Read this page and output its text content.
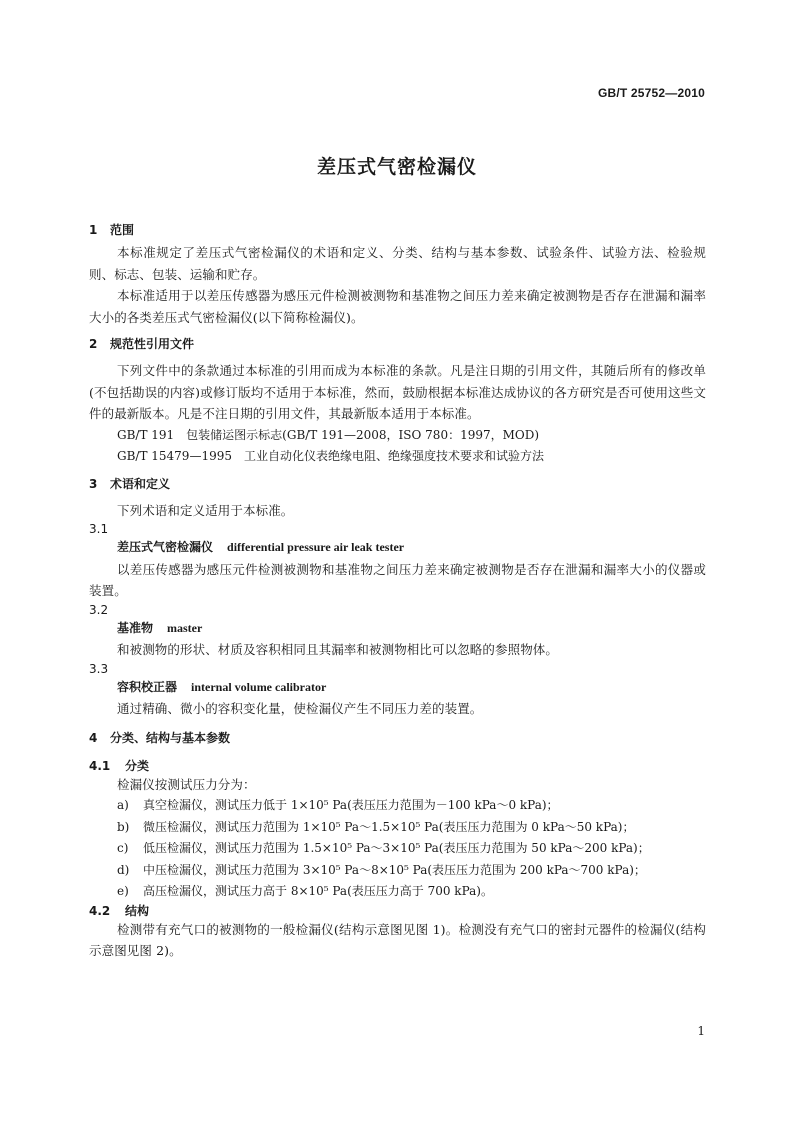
GB/T 25752—2010
差压式气密检漏仪

1 范围

本标准规定了差压式气密检漏仪的术语和定义、分类、结构与基本参数、试验条件、试验方法、检验规则、标志、包装、运输和贮存。

本标准适用于以差压传感器为感压元件检测被测物和基准物之间压力差来确定被测物是否存在泄漏和漏率大小的各类差压式气密检漏仪(以下简称检漏仪)。

2 规范性引用文件

下列文件中的条款通过本标准的引用而成为本标准的条款。凡是注日期的引用文件，其随后所有的修改单(不包括勘误的内容)或修订版均不适用于本标准，然而，鼓励根据本标准达成协议的各方研究是否可使用这些文件的最新版本。凡是不注日期的引用文件，其最新版本适用于本标准。

GB/T 191　包装储运图示标志(GB/T 191—2008，ISO 780：1997，MOD)

GB/T 15479—1995　工业自动化仪表绝缘电阻、绝缘强度技术要求和试验方法

3 术语和定义

下列术语和定义适用于本标准。

3.1

差压式气密检漏仪 differential pressure air leak tester

以差压传感器为感压元件检测被测物和基准物之间压力差来确定被测物是否存在泄漏和漏率大小的仪器或装置。

3.2

基准物 master

和被测物的形状、材质及容积相同且其漏率和被测物相比可以忽略的参照物体。

3.3

容积校正器 internal volume calibrator

通过精确、微小的容积变化量，使检漏仪产生不同压力差的装置。

4 分类、结构与基本参数

4.1 分类

检漏仪按测试压力分为：

a) 真空检漏仪，测试压力低于 1×10⁵ Pa(表压压力范围为－100 kPa～0 kPa)；

b) 微压检漏仪，测试压力范围为 1×10⁵ Pa～1.5×10⁵ Pa(表压压力范围为 0 kPa～50 kPa)；

c) 低压检漏仪，测试压力范围为 1.5×10⁵ Pa～3×10⁵ Pa(表压压力范围为 50 kPa～200 kPa)；

d) 中压检漏仪，测试压力范围为 3×10⁵ Pa～8×10⁵ Pa(表压压力范围为 200 kPa～700 kPa)；

e) 高压检漏仪，测试压力高于 8×10⁵ Pa(表压压力高于 700 kPa)。

4.2 结构

检测带有充气口的被测物的一般检漏仪(结构示意图见图 1)。检测没有充气口的密封元器件的检漏仪(结构示意图见图 2)。

1
